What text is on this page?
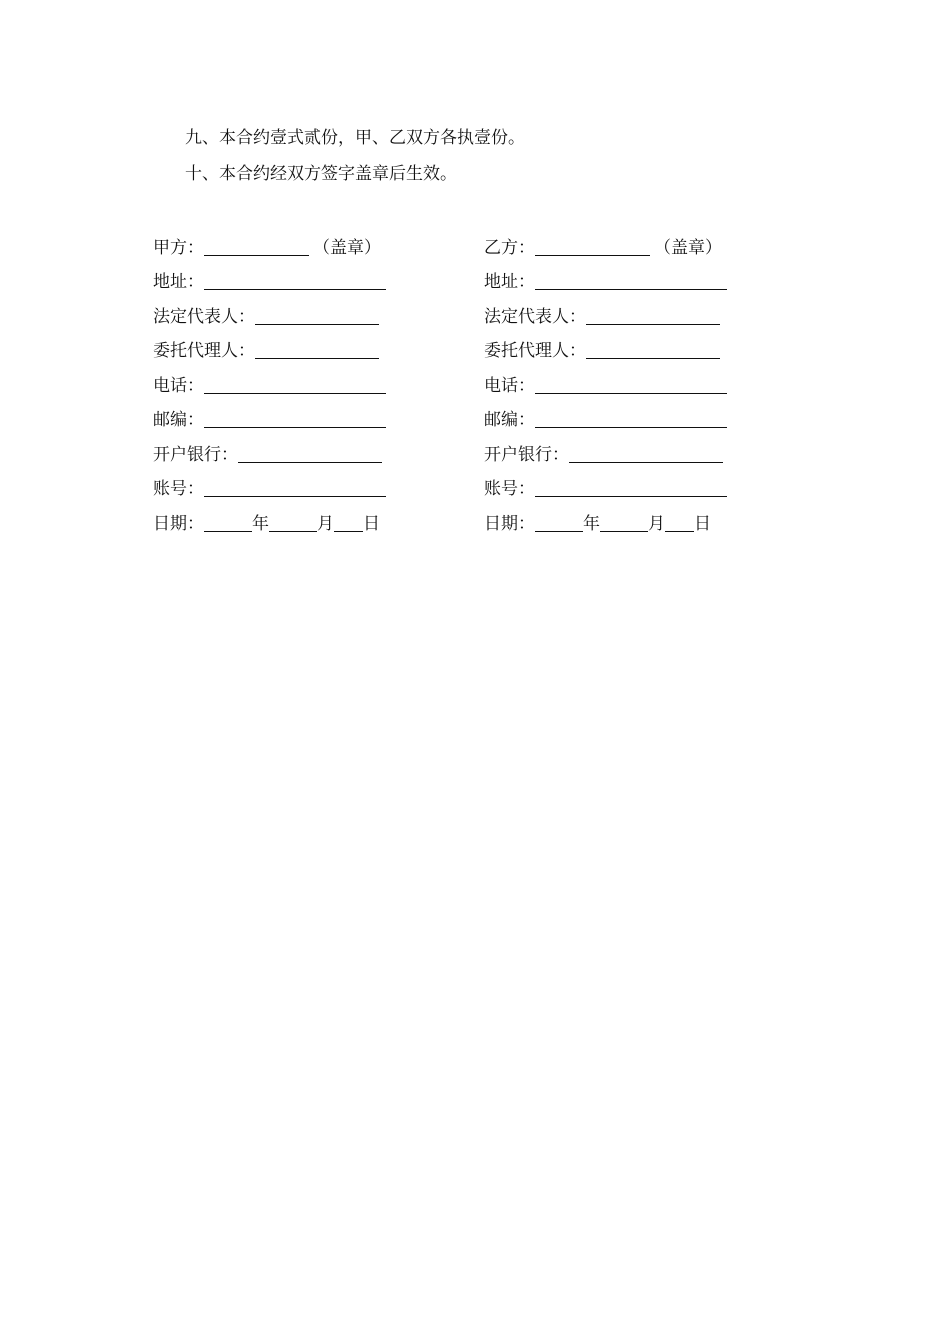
九、本合约壹式贰份，甲、乙双方各执壹份。
十、本合约经双方签字盖章后生效。
甲方：	（盖章）
地址：
法定代表人：
委托代理人：
电话：
邮编：
开户银行：
账号：
日期：	年	月 日
乙方：	（盖章）
地址：
法定代表人：
委托代理人：
电话：
邮编：
开户银行：
账号：
日期：	年	月 日
